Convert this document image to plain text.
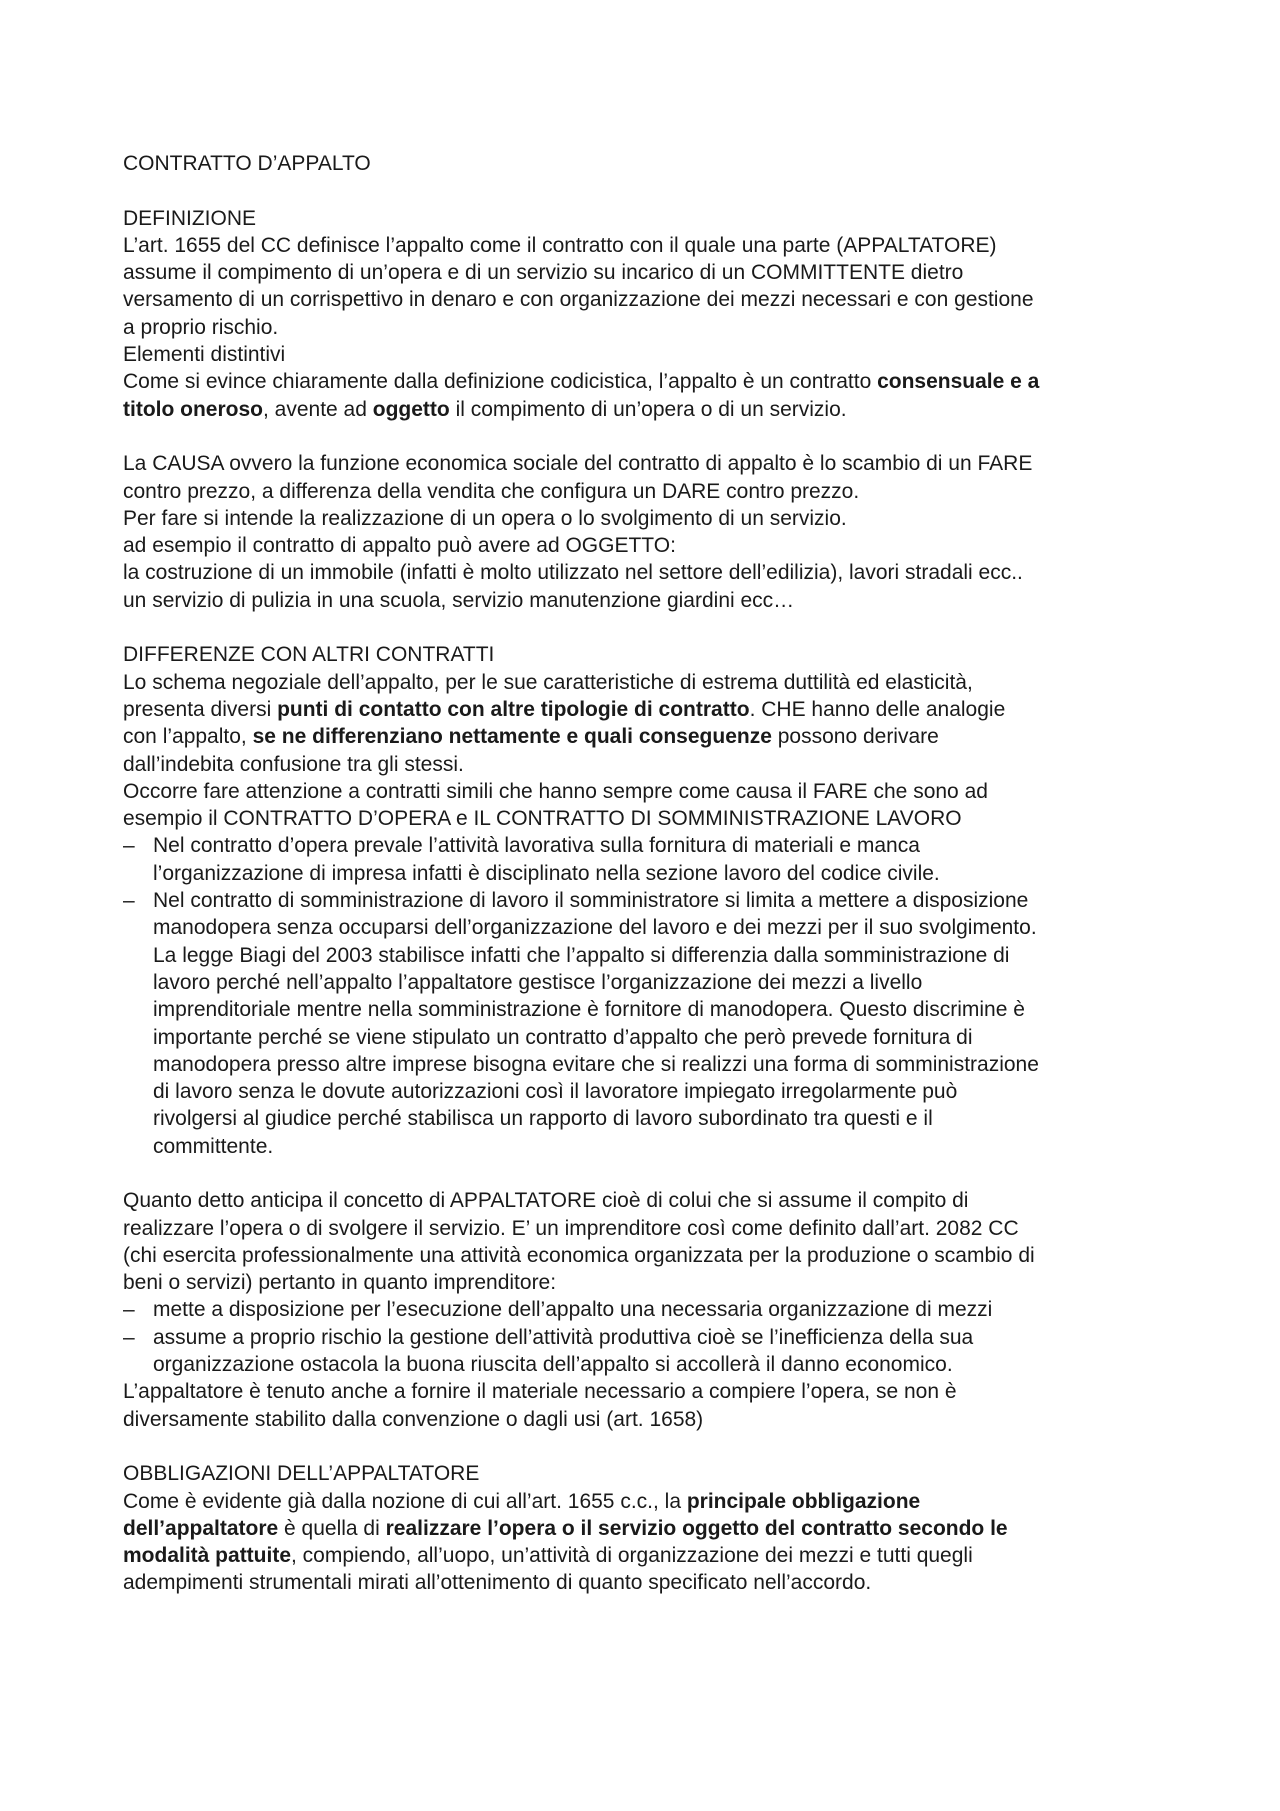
CONTRATTO D’APPALTO
DEFINIZIONE
L’art. 1655 del CC definisce l’appalto come il contratto con il quale una parte (APPALTATORE)
assume il compimento di un’opera e di un servizio su incarico di un COMMITTENTE dietro
versamento di un corrispettivo in denaro e con organizzazione dei mezzi necessari e con gestione
a proprio rischio.
Elementi distintivi
Come si evince chiaramente dalla definizione codicistica, l’appalto è un contratto consensuale e a
titolo oneroso, avente ad oggetto il compimento di un’opera o di un servizio.
La CAUSA ovvero la funzione economica sociale del contratto di appalto è lo scambio di un FARE
contro prezzo, a differenza della vendita che configura un DARE contro prezzo.
Per fare si intende la realizzazione di un opera o lo svolgimento di un servizio.
ad esempio il contratto di appalto può avere ad OGGETTO:
la costruzione di un immobile (infatti è molto utilizzato nel settore dell’edilizia), lavori stradali ecc..
un servizio di pulizia in una scuola, servizio manutenzione giardini ecc…
DIFFERENZE CON ALTRI CONTRATTI
Lo schema negoziale dell’appalto, per le sue caratteristiche di estrema duttilità ed elasticità,
presenta diversi punti di contatto con altre tipologie di contratto. CHE hanno delle analogie
con l’appalto, se ne differenziano nettamente e quali conseguenze possono derivare
dall’indebita confusione tra gli stessi.
Occorre fare attenzione a contratti simili che hanno sempre come causa il FARE che sono ad
esempio il CONTRATTO D’OPERA e IL CONTRATTO DI SOMMINISTRAZIONE LAVORO
– Nel contratto d’opera prevale l’attività lavorativa sulla fornitura di materiali e manca
l’organizzazione di impresa infatti è disciplinato nella sezione lavoro del codice civile.
– Nel contratto di somministrazione di lavoro il somministratore si limita a mettere a disposizione
manodopera senza occuparsi dell’organizzazione del lavoro e dei mezzi per il suo svolgimento.
La legge Biagi del 2003 stabilisce infatti che l’appalto si differenzia dalla somministrazione di
lavoro perché nell’appalto l’appaltatore gestisce l’organizzazione dei mezzi a livello
imprenditoriale mentre nella somministrazione è fornitore di manodopera. Questo discrimine è
importante perché se viene stipulato un contratto d’appalto che però prevede fornitura di
manodopera presso altre imprese bisogna evitare che si realizzi una forma di somministrazione
di lavoro senza le dovute autorizzazioni così il lavoratore impiegato irregolarmente può
rivolgersi al giudice perché stabilisca un rapporto di lavoro subordinato tra questi e il
committente.
Quanto detto anticipa il concetto di APPALTATORE cioè di colui che si assume il compito di
realizzare l’opera o di svolgere il servizio. E’ un imprenditore così come definito dall’art. 2082 CC
(chi esercita professionalmente una attività economica organizzata per la produzione o scambio di
beni o servizi) pertanto in quanto imprenditore:
– mette a disposizione per l’esecuzione dell’appalto una necessaria organizzazione di mezzi
– assume a proprio rischio la gestione dell’attività produttiva cioè se l’inefficienza della sua
organizzazione ostacola la buona riuscita dell’appalto si accollerà il danno economico.
L’appaltatore è tenuto anche a fornire il materiale necessario a compiere l’opera, se non è
diversamente stabilito dalla convenzione o dagli usi (art. 1658)
OBBLIGAZIONI DELL’APPALTATORE
Come è evidente già dalla nozione di cui all’art. 1655 c.c., la principale obbligazione
dell’appaltatore è quella di realizzare l’opera o il servizio oggetto del contratto secondo le
modalità pattuite, compiendo, all’uopo, un’attività di organizzazione dei mezzi e tutti quegli
adempimenti strumentali mirati all’ottenimento di quanto specificato nell’accordo.
